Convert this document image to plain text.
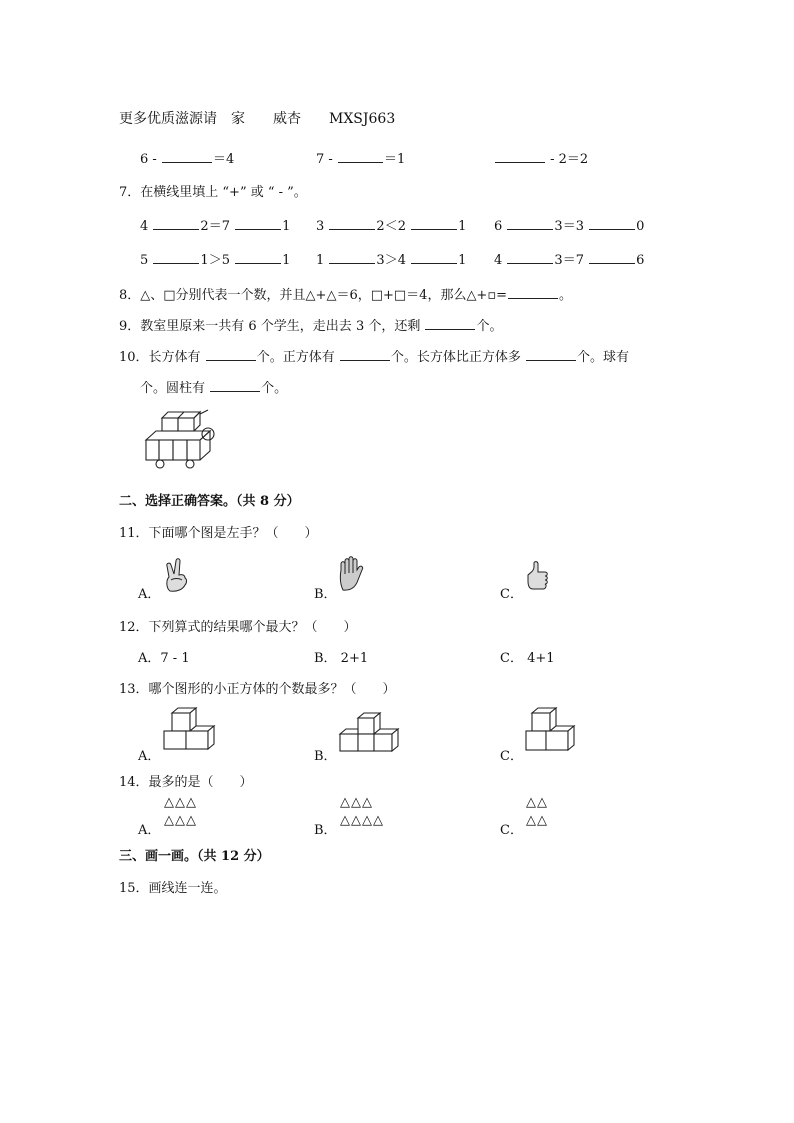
更多优质滋源请　家　　威杏　　MXSJ663
6 -	＝4	7 -	＝1	- 2＝2
7．在横线里填上 “+” 或 “ - ”。
4	2＝7	1 3	2＜2	1 6	3＝3	0
5	1＞5	1 1	3＞4	1 4	3＝7	6
8．△、□分别代表一个数，并且△+△＝6，□+□＝4，那么△+▫=	。
9．教室里原来一共有 6 个学生，走出去 3 个，还剩	个。
10．长方体有	个。正方体有	个。长方体比正方体多	个。球有
个。圆柱有	个。
二、选择正确答案。（共 8 分）
11．下面哪个图是左手？（　　）
A．	B．	C．
12．下列算式的结果哪个最大？（　　）
A．7 - 1	B． 2+1	C． 4+1
13．哪个图形的小正方体的个数最多？（　　）
A．	B．	C．
14．最多的是（　　）
A．
△△△
△△△
B．
△△△
△△△△
C．
△△
△△
三、画一画。（共 12 分）
15．画线连一连。
